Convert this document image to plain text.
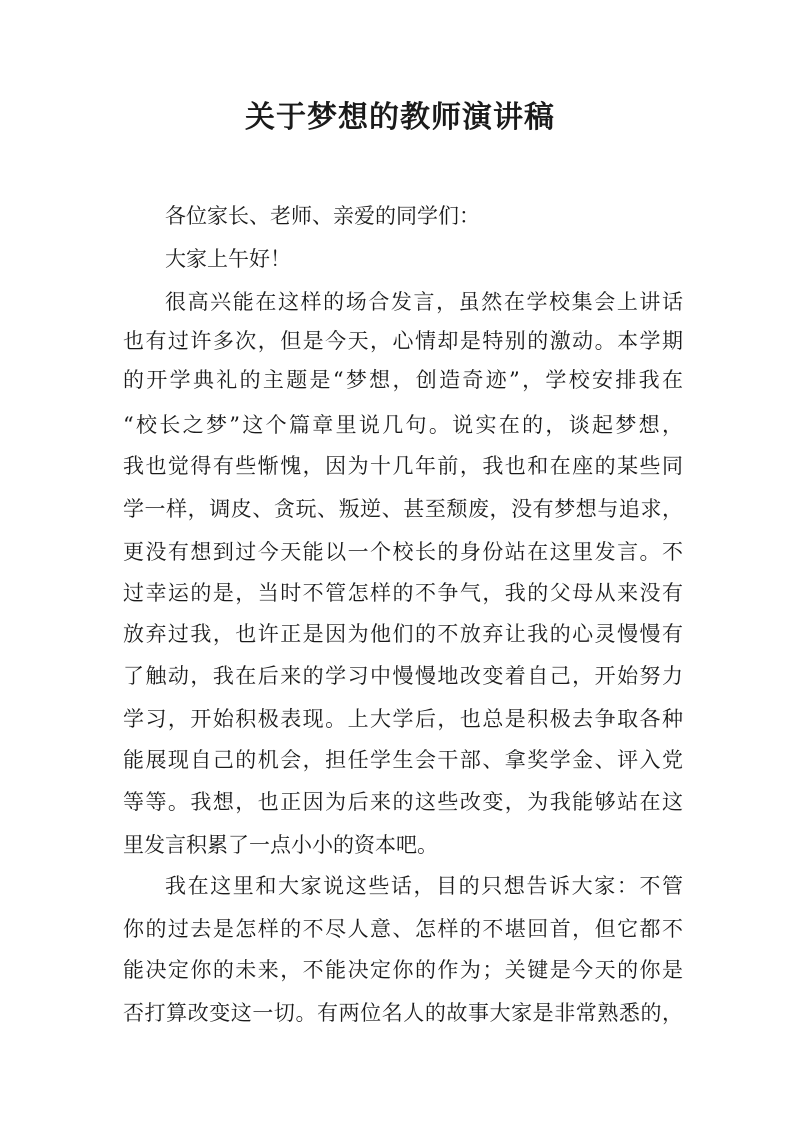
关于梦想的教师演讲稿
各位家长、老师、亲爱的同学们：
大家上午好！
很高兴能在这样的场合发言，虽然在学校集会上讲话
也有过许多次，但是今天，心情却是特别的激动。本学期
的开学典礼的主题是“梦想，创造奇迹”，学校安排我在
“校长之梦”这个篇章里说几句。说实在的，谈起梦想，
我也觉得有些惭愧，因为十几年前，我也和在座的某些同
学一样，调皮、贪玩、叛逆、甚至颓废，没有梦想与追求，
更没有想到过今天能以一个校长的身份站在这里发言。不
过幸运的是，当时不管怎样的不争气，我的父母从来没有
放弃过我，也许正是因为他们的不放弃让我的心灵慢慢有
了触动，我在后来的学习中慢慢地改变着自己，开始努力
学习，开始积极表现。上大学后，也总是积极去争取各种
能展现自己的机会，担任学生会干部、拿奖学金、评入党
等等。我想，也正因为后来的这些改变，为我能够站在这
里发言积累了一点小小的资本吧。
我在这里和大家说这些话，目的只想告诉大家：不管
你的过去是怎样的不尽人意、怎样的不堪回首，但它都不
能决定你的未来，不能决定你的作为；关键是今天的你是
否打算改变这一切。有两位名人的故事大家是非常熟悉的，
